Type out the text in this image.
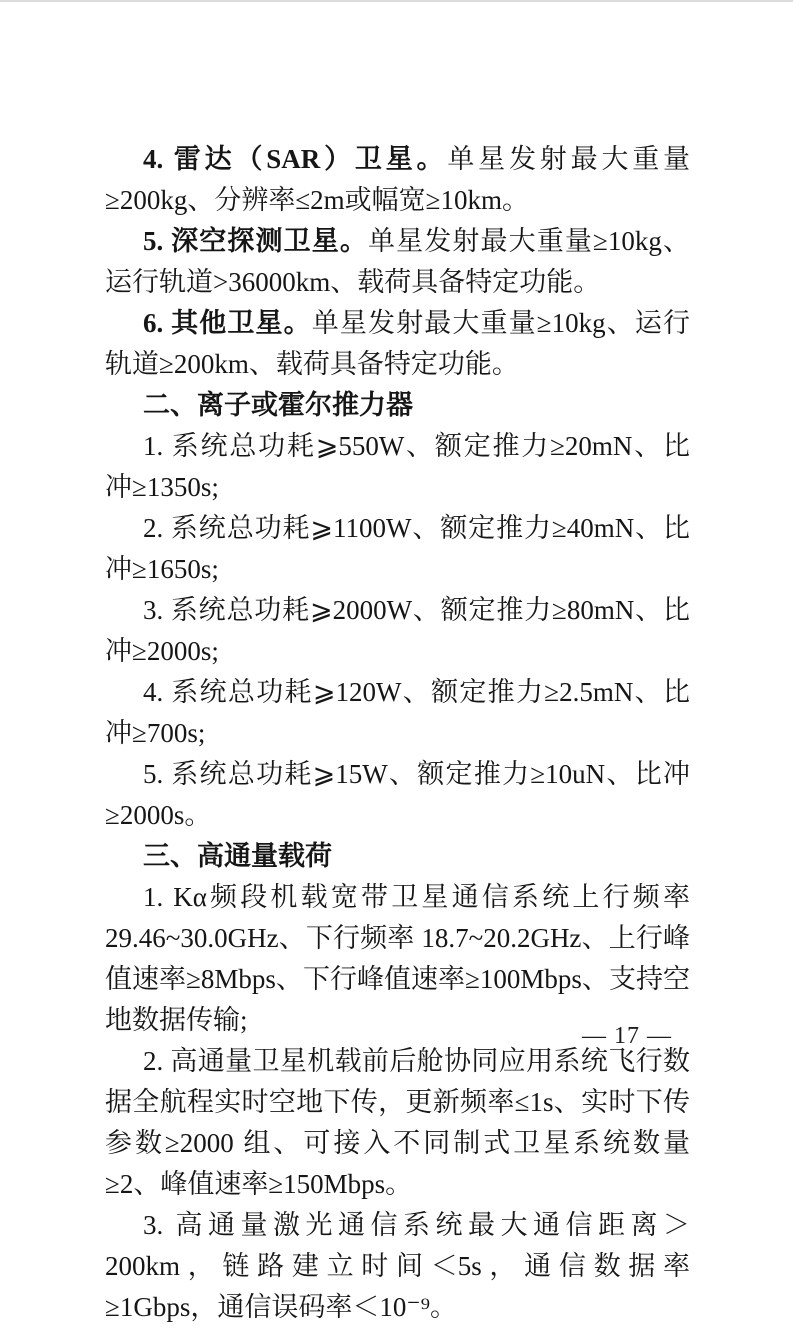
4. 雷达（SAR）卫星。单星发射最大重量≥200kg、分辨率≤2m或幅宽≥10km。

5. 深空探测卫星。单星发射最大重量≥10kg、运行轨道>36000km、载荷具备特定功能。

6. 其他卫星。单星发射最大重量≥10kg、运行轨道≥200km、载荷具备特定功能。

二、离子或霍尔推力器

1. 系统总功耗⩾550W、额定推力≥20mN、比冲≥1350s;

2. 系统总功耗⩾1100W、额定推力≥40mN、比冲≥1650s;

3. 系统总功耗⩾2000W、额定推力≥80mN、比冲≥2000s;

4. 系统总功耗⩾120W、额定推力≥2.5mN、比冲≥700s;

5. 系统总功耗⩾15W、额定推力≥10uN、比冲≥2000s。

三、高通量载荷

1. Kα频段机载宽带卫星通信系统上行频率 29.46~30.0GHz、下行频率 18.7~20.2GHz、上行峰值速率≥8Mbps、下行峰值速率≥100Mbps、支持空地数据传输;

2. 高通量卫星机载前后舱协同应用系统飞行数据全航程实时空地下传，更新频率≤1s、实时下传参数≥2000 组、可接入不同制式卫星系统数量≥2、峰值速率≥150Mbps。

3. 高通量激光通信系统最大通信距离＞200km，链路建立时间＜5s，通信数据率≥1Gbps，通信误码率＜10⁻⁹。

— 17 —
